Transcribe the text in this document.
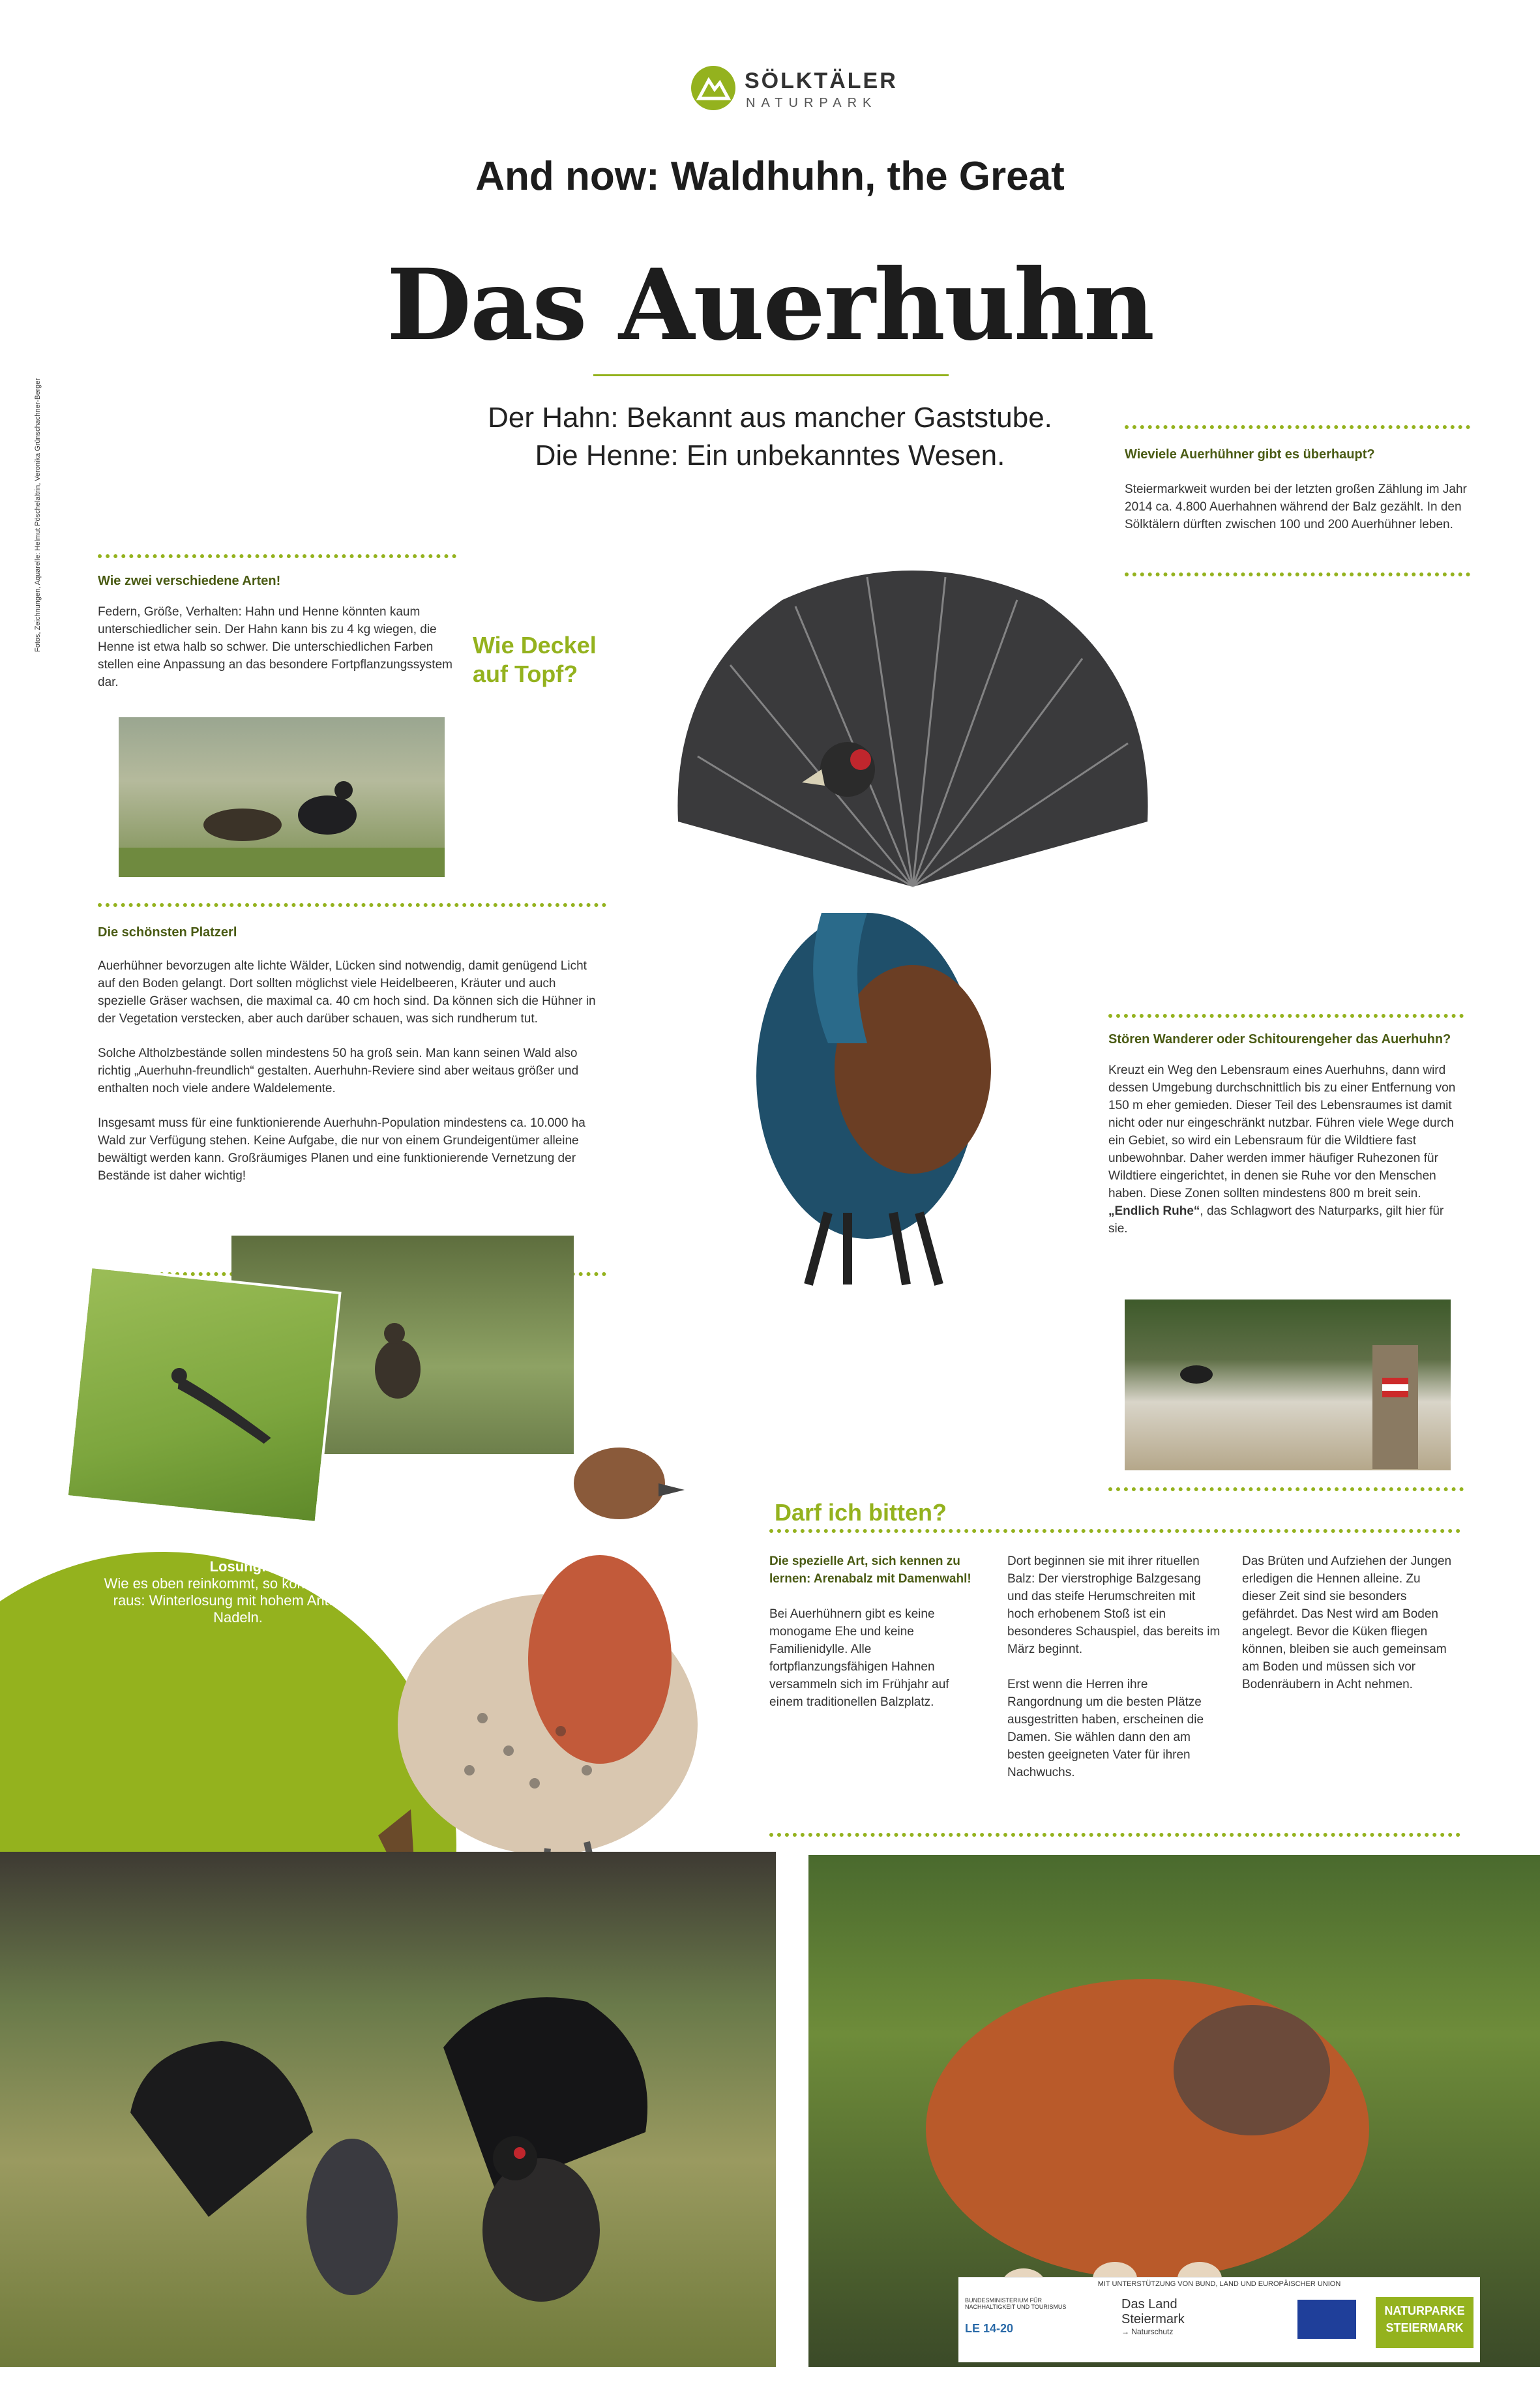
SÖLKTÄLER
NATURPARK
And now: Waldhuhn, the Great
Das Auerhuhn
Der Hahn: Bekannt aus mancher Gaststube.
Die Henne: Ein unbekanntes Wesen.
Fotos, Zeichnungen, Aquarelle: Helmut Pöschelaltrin, Veronika Grünschachner-Berger	Wieviele Auerhühner gibt es überhaupt?
Steiermarkweit wurden bei der letzten großen Zählung im Jahr 2014 ca. 4.800 Auerhahnen während der Balz gezählt. In den Sölktälern dürften zwischen 100 und 200 Auerhühner leben.
Wie zwei verschiedene Arten!
Federn, Größe, Verhalten: Hahn und Henne könnten kaum unterschiedlicher sein. Der Hahn kann bis zu 4 kg wiegen, die Henne ist etwa halb so schwer. Die unterschiedlichen Farben stellen eine Anpassung an das besondere Fortpflanzungssystem dar.
Wie Deckel
auf Topf?
Die schönsten Platzerl
Auerhühner bevorzugen alte lichte Wälder, Lücken sind notwendig, damit genügend Licht auf den Boden gelangt. Dort sollten möglichst viele Heidelbeeren, Kräuter und auch spezielle Gräser wachsen, die maximal ca. 40 cm hoch sind. Da können sich die Hühner in der Vegetation verstecken, aber auch darüber schauen, was sich rundherum tut.
Solche Altholzbestände sollen mindestens 50 ha groß sein. Man kann seinen Wald also richtig „Auerhuhn-freundlich“ gestalten. Auerhuhn-Reviere sind aber weitaus größer und enthalten noch viele andere Waldelemente.
Insgesamt muss für eine funktionierende Auerhuhn-Population mindestens ca. 10.000 ha Wald zur Verfügung stehen. Keine Aufgabe, die nur von einem Grundeigentümer alleine bewältigt werden kann. Großräumiges Planen und eine funktionierende Vernetzung der Bestände ist daher wichtig!
Stören Wanderer oder Schitourengeher das Auerhuhn?
Kreuzt ein Weg den Lebensraum eines Auerhuhns, dann wird dessen Umgebung durchschnittlich bis zu einer Entfernung von 150 m eher gemieden. Dieser Teil des Lebensraumes ist damit nicht oder nur eingeschränkt nutzbar. Führen viele Wege durch ein Gebiet, so wird ein Lebensraum für die Wildtiere fast unbewohnbar. Daher werden immer häufiger Ruhezonen für Wildtiere eingerichtet, in denen sie Ruhe vor den Menschen haben. Diese Zonen sollten mindestens 800 m breit sein. „Endlich Ruhe“, das Schlagwort des Naturparks, gilt hier für sie.
Darf ich bitten?
Die spezielle Art, sich kennen zu lernen: Arenabalz mit Damenwahl!
Bei Auerhühnern gibt es keine monogame Ehe und keine Familienidylle. Alle fortpflanzungsfähigen Hahnen versammeln sich im Frühjahr auf einem traditionellen Balzplatz.
Dort beginnen sie mit ihrer rituellen Balz: Der vierstrophige Balzgesang und das steife Herumschreiten mit hoch erhobenem Stoß ist ein besonderes Schauspiel, das bereits im März beginnt.
Erst wenn die Herren ihre Rangordnung um die besten Plätze ausgestritten haben, erscheinen die Damen. Sie wählen dann den am besten geeigneten Vater für ihren Nachwuchs.
Das Brüten und Aufziehen der Jungen erledigen die Hennen alleine. Zu dieser Zeit sind sie besonders gefährdet. Das Nest wird am Boden angelegt. Bevor die Küken fliegen können, bleiben sie auch gemeinsam am Boden und müssen sich vor Bodenräubern in Acht nehmen.
Losung:
Wie es oben reinkommt, so kommts unten raus: Winterlosung mit hohem Anteil an Nadeln.
MIT UNTERSTÜTZUNG VON BUND, LAND UND EUROPÄISCHER UNION
BUNDESMINISTERIUM FÜR NACHHALTIGKEIT UND TOURISMUS
LE 14-20
Das Land
Steiermark
→ Naturschutz
NATURPARKE
STEIERMARK
